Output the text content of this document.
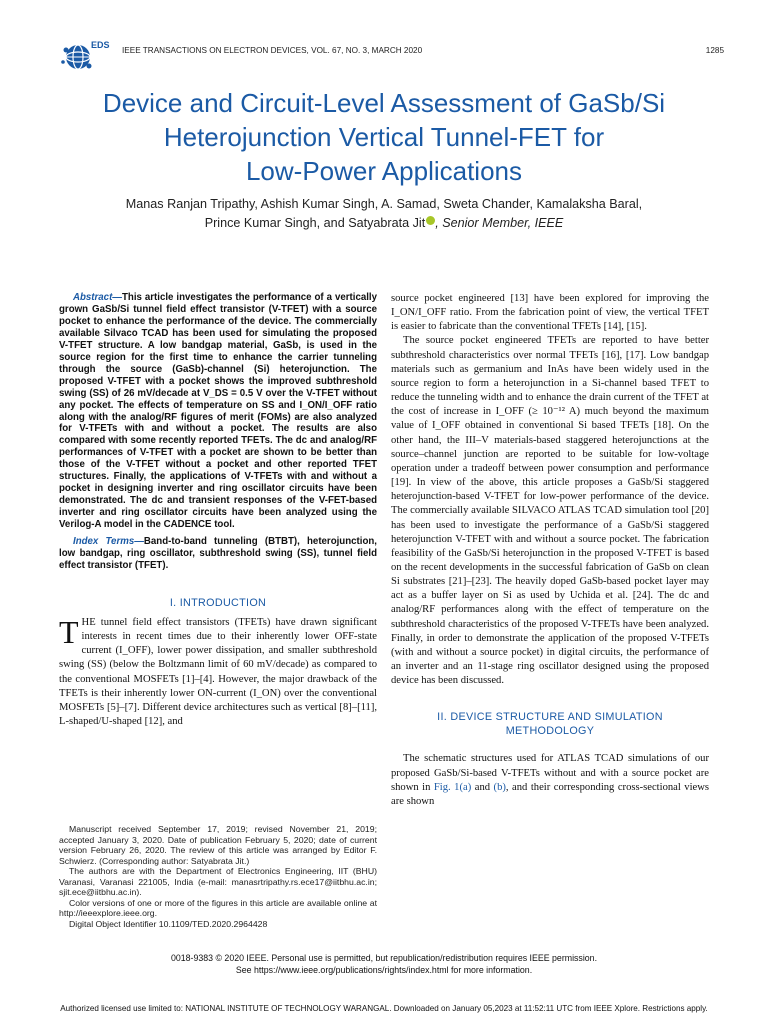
EDS
IEEE TRANSACTIONS ON ELECTRON DEVICES, VOL. 67, NO. 3, MARCH 2020	1285
Device and Circuit-Level Assessment of GaSb/Si
Heterojunction Vertical Tunnel-FET for
Low-Power Applications
Manas Ranjan Tripathy, Ashish Kumar Singh, A. Samad, Sweta Chander, Kamalaksha Baral,
Prince Kumar Singh, and Satyabrata Jit , Senior Member, IEEE

Abstract—This article investigates the performance of a vertically grown GaSb/Si tunnel field effect transistor (V-TFET) with a source pocket to enhance the performance of the device. The commercially available Silvaco TCAD has been used for simulating the proposed V-TFET structure. A low bandgap material, GaSb, is used in the source region for the first time to enhance the carrier tunneling through the source (GaSb)-channel (Si) heterojunction. The proposed V-TFET with a pocket shows the improved subthreshold swing (SS) of 26 mV/decade at V_DS = 0.5 V over the V-TFET without any pocket. The effects of temperature on SS and I_ON/I_OFF ratio along with the analog/RF figures of merit (FOMs) are also analyzed for V-TFETs with and without a pocket. The results are also compared with some recently reported TFETs. The dc and analog/RF performances of V-TFET with a pocket are shown to be better than those of the V-TFET without a pocket and other reported TFET structures. Finally, the applications of V-TFETs with and without a pocket in designing inverter and ring oscillator circuits have been demonstrated. The dc and transient responses of the V-FET-based inverter and ring oscillator circuits have been analyzed using the Verilog-A model in the CADENCE tool.

Index Terms—Band-to-band tunneling (BTBT), heterojunction, low bandgap, ring oscillator, subthreshold swing (SS), tunnel field effect transistor (TFET).

I. INTRODUCTION

THE tunnel field effect transistors (TFETs) have drawn significant interests in recent times due to their inherently lower OFF-state current (I_OFF), lower power dissipation, and smaller subthreshold swing (SS) (below the Boltzmann limit of 60 mV/decade) as compared to the conventional MOSFETs [1]–[4]. However, the major drawback of the TFETs is their inherently lower ON-current (I_ON) over the conventional MOSFETs [5]–[7]. Different device architectures such as vertical [8]–[11], L-shaped/U-shaped [12], and

Manuscript received September 17, 2019; revised November 21, 2019; accepted January 3, 2020. Date of publication February 5, 2020; date of current version February 26, 2020. The review of this article was arranged by Editor F. Schwierz. (Corresponding author: Satyabrata Jit.)

The authors are with the Department of Electronics Engineering, IIT (BHU) Varanasi, Varanasi 221005, India (e-mail: manasrtripathy.rs.ece17@iitbhu.ac.in; sjit.ece@iitbhu.ac.in).

Color versions of one or more of the figures in this article are available online at http://ieeexplore.ieee.org.

Digital Object Identifier 10.1109/TED.2020.2964428

source pocket engineered [13] have been explored for improving the I_ON/I_OFF ratio. From the fabrication point of view, the vertical TFET is easier to fabricate than the conventional TFETs [14], [15].

The source pocket engineered TFETs are reported to have better subthreshold characteristics over normal TFETs [16], [17]. Low bandgap materials such as germanium and InAs have been widely used in the source region to form a heterojunction in a Si-channel based TFET to reduce the tunneling width and to enhance the drain current of the TFET at the cost of increase in I_OFF (≥ 10⁻¹² A) much beyond the maximum value of I_OFF obtained in conventional Si based TFETs [18]. On the other hand, the III–V materials-based staggered heterojunctions at the source–channel junction are reported to be suitable for low-voltage operation under a tradeoff between power consumption and performance [19]. In view of the above, this article proposes a GaSb/Si staggered heterojunction-based V-TFET for low-power performance of the device. The commercially available SILVACO ATLAS TCAD simulation tool [20] has been used to investigate the performance of a GaSb/Si staggered heterojunction V-TFET with and without a source pocket. The fabrication feasibility of the GaSb/Si heterojunction in the proposed V-TFET is based on the recent developments in the successful fabrication of GaSb on clean Si substrates [21]–[23]. The heavily doped GaSb-based pocket layer may act as a buffer layer on Si as used by Uchida et al. [24]. The dc and analog/RF performances along with the effect of temperature on the subthreshold characteristics of the proposed V-TFETs have been analyzed. Finally, in order to demonstrate the application of the proposed V-TFETs (with and without a source pocket) in digital circuits, the performance of an inverter and an 11-stage ring oscillator designed using the proposed device has been discussed.

II. DEVICE STRUCTURE AND SIMULATION
METHODOLOGY

The schematic structures used for ATLAS TCAD simulations of our proposed GaSb/Si-based V-TFETs without and with a source pocket are shown in Fig. 1(a) and (b), and their corresponding cross-sectional views are shown

0018-9383 © 2020 IEEE. Personal use is permitted, but republication/redistribution requires IEEE permission.
See https://www.ieee.org/publications/rights/index.html for more information.
Authorized licensed use limited to: NATIONAL INSTITUTE OF TECHNOLOGY WARANGAL. Downloaded on January 05,2023 at 11:52:11 UTC from IEEE Xplore. Restrictions apply.
